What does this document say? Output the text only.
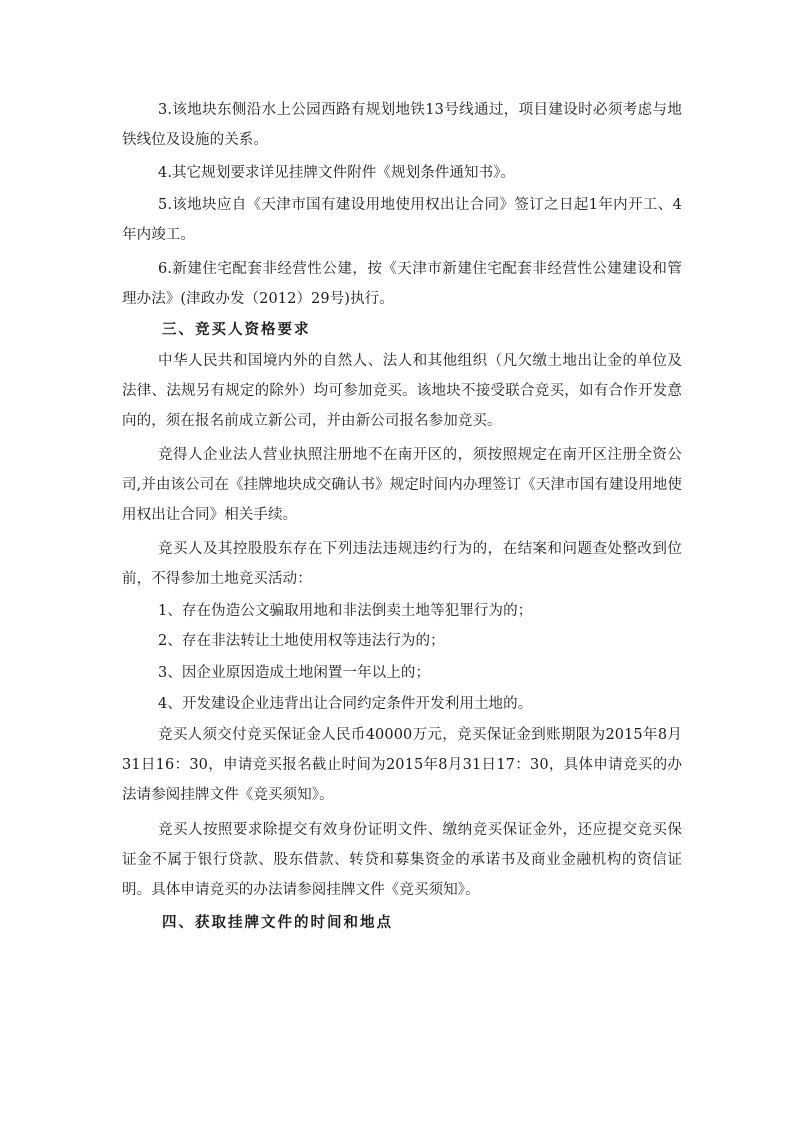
3.该地块东侧沿水上公园西路有规划地铁13号线通过，项目建设时必须考虑与地铁线位及设施的关系。

4.其它规划要求详见挂牌文件附件《规划条件通知书》。

5.该地块应自《天津市国有建设用地使用权出让合同》签订之日起1年内开工、4年内竣工。

6.新建住宅配套非经营性公建，按《天津市新建住宅配套非经营性公建建设和管理办法》(津政办发（2012）29号)执行。

三、竞买人资格要求

中华人民共和国境内外的自然人、法人和其他组织（凡欠缴土地出让金的单位及法律、法规另有规定的除外）均可参加竞买。该地块不接受联合竞买，如有合作开发意向的，须在报名前成立新公司，并由新公司报名参加竞买。

竞得人企业法人营业执照注册地不在南开区的，须按照规定在南开区注册全资公司,并由该公司在《挂牌地块成交确认书》规定时间内办理签订《天津市国有建设用地使用权出让合同》相关手续。

竞买人及其控股股东存在下列违法违规违约行为的，在结案和问题查处整改到位前，不得参加土地竞买活动：

1、存在伪造公文骗取用地和非法倒卖土地等犯罪行为的；

2、存在非法转让土地使用权等违法行为的；

3、因企业原因造成土地闲置一年以上的；

4、开发建设企业违背出让合同约定条件开发利用土地的。

竞买人须交付竞买保证金人民币40000万元，竞买保证金到账期限为2015年8月31日16：30，申请竞买报名截止时间为2015年8月31日17：30，具体申请竞买的办法请参阅挂牌文件《竞买须知》。

竞买人按照要求除提交有效身份证明文件、缴纳竞买保证金外，还应提交竞买保证金不属于银行贷款、股东借款、转贷和募集资金的承诺书及商业金融机构的资信证明。具体申请竞买的办法请参阅挂牌文件《竞买须知》。

四、获取挂牌文件的时间和地点
